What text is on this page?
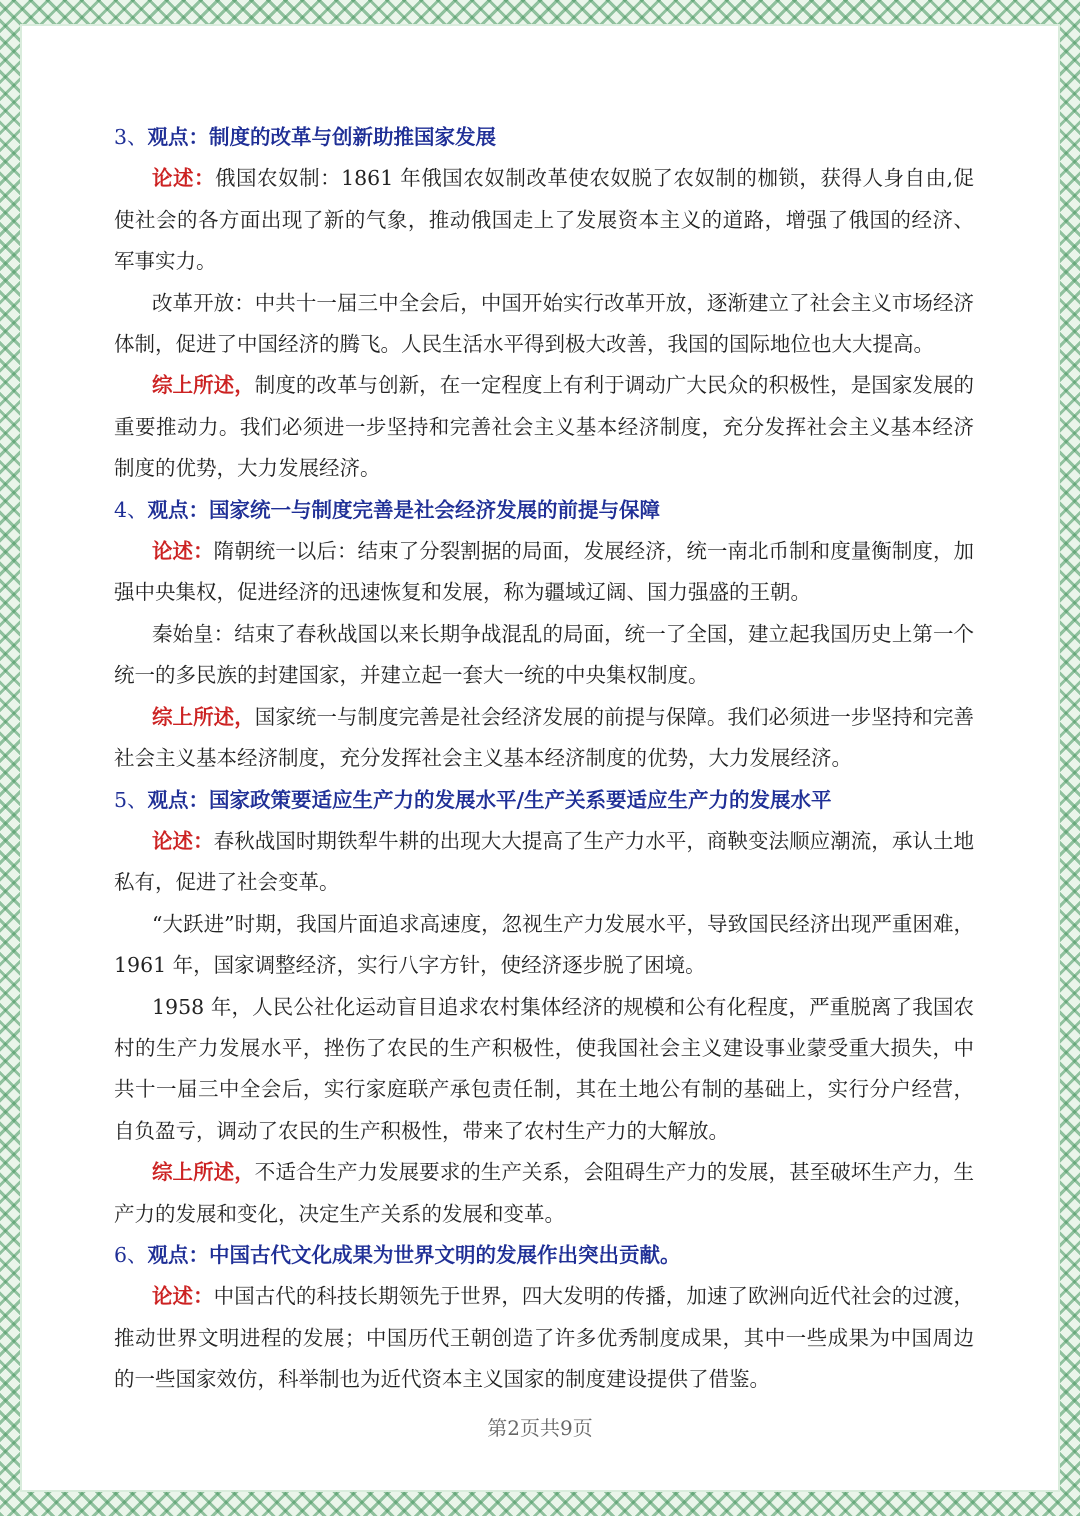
3、观点：制度的改革与创新助推国家发展
论述：俄国农奴制：1861 年俄国农奴制改革使农奴脱了农奴制的枷锁，获得人身自由,促使社会的各方面出现了新的气象，推动俄国走上了发展资本主义的道路，增强了俄国的经济、军事实力。
改革开放：中共十一届三中全会后，中国开始实行改革开放，逐渐建立了社会主义市场经济体制，促进了中国经济的腾飞。人民生活水平得到极大改善，我国的国际地位也大大提高。
综上所述，制度的改革与创新，在一定程度上有利于调动广大民众的积极性，是国家发展的重要推动力。我们必须进一步坚持和完善社会主义基本经济制度，充分发挥社会主义基本经济制度的优势，大力发展经济。
4、观点：国家统一与制度完善是社会经济发展的前提与保障
论述：隋朝统一以后：结束了分裂割据的局面，发展经济，统一南北币制和度量衡制度，加强中央集权，促进经济的迅速恢复和发展，称为疆域辽阔、国力强盛的王朝。
秦始皇：结束了春秋战国以来长期争战混乱的局面，统一了全国，建立起我国历史上第一个统一的多民族的封建国家，并建立起一套大一统的中央集权制度。
综上所述，国家统一与制度完善是社会经济发展的前提与保障。我们必须进一步坚持和完善社会主义基本经济制度，充分发挥社会主义基本经济制度的优势，大力发展经济。
5、观点：国家政策要适应生产力的发展水平/生产关系要适应生产力的发展水平
论述：春秋战国时期铁犁牛耕的出现大大提高了生产力水平，商鞅变法顺应潮流，承认土地私有，促进了社会变革。
“大跃进”时期，我国片面追求高速度，忽视生产力发展水平，导致国民经济出现严重困难，1961 年，国家调整经济，实行八字方针，使经济逐步脱了困境。
1958 年，人民公社化运动盲目追求农村集体经济的规模和公有化程度，严重脱离了我国农村的生产力发展水平，挫伤了农民的生产积极性，使我国社会主义建设事业蒙受重大损失，中共十一届三中全会后，实行家庭联产承包责任制，其在土地公有制的基础上，实行分户经营，自负盈亏，调动了农民的生产积极性，带来了农村生产力的大解放。
综上所述，不适合生产力发展要求的生产关系，会阻碍生产力的发展，甚至破坏生产力，生产力的发展和变化，决定生产关系的发展和变革。
6、观点：中国古代文化成果为世界文明的发展作出突出贡献。
论述：中国古代的科技长期领先于世界，四大发明的传播，加速了欧洲向近代社会的过渡，推动世界文明进程的发展；中国历代王朝创造了许多优秀制度成果，其中一些成果为中国周边的一些国家效仿，科举制也为近代资本主义国家的制度建设提供了借鉴。
第2页共9页
